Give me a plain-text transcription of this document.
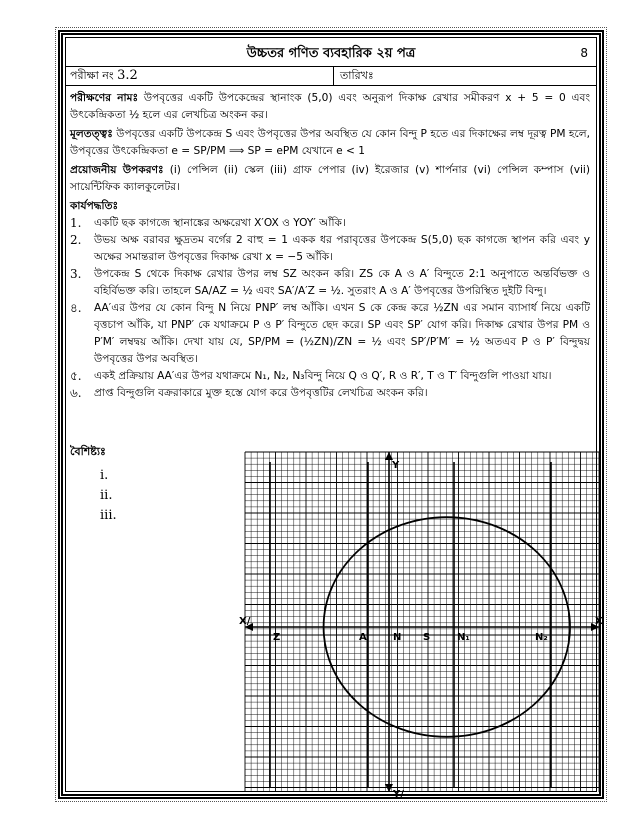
উচ্চতর গণিত ব্যবহারিক ২য় পত্র	8
পরীক্ষা নং 3.2	তারিখঃ
পরীক্ষণের নামঃ উপবৃত্তের একটি উপকেন্দ্রের স্থানাংক (5,0) এবং অনুরূপ দিকাক্ষ রেখার সমীকরণ x + 5 = 0 এবং উৎকেন্দ্রিকতা ½ হলে এর লেখচিত্র অংকন কর।
মূলতত্ত্বঃ উপবৃত্তের একটি উপকেন্দ্র S এবং উপবৃত্তের উপর অবস্থিত যে কোন বিন্দু P হতে এর দিকাক্ষের লম্ব দূরত্ব PM হলে, উপবৃত্তের উৎকেন্দ্রিকতা e = SP/PM ⟹ SP = ePM যেখানে e < 1
প্রয়োজনীয় উপকরণঃ (i) পেন্সিল (ii) স্কেল (iii) গ্রাফ পেপার (iv) ইরেজার (v) শার্পনার (vi) পেন্সিল কম্পাস (vii) সায়েন্টিফিক ক্যালকুলেটর।
কার্যপদ্ধতিঃ
1.	একটি ছক কাগজে স্থানাঙ্কের অক্ষরেখা X′OX ও YOY′ আঁকি।
2.	উভয় অক্ষ বরাবর ক্ষুদ্রতম বর্গের 2 বাহু = 1 একক ধর পরাবৃত্তের উপকেন্দ্র S(5,0) ছক কাগজে স্থাপন করি এবং y অক্ষের সমান্তরাল উপবৃত্তের দিকাক্ষ রেখা x = −5 আঁকি।
3.	উপকেন্দ্র S থেকে দিকাক্ষ রেখার উপর লম্ব SZ অংকন করি। ZS কে A ও A′ বিন্দুতে 2:1 অনুপাতে অন্তর্বিভক্ত ও বহির্বিভক্ত করি। তাহলে SA/AZ = ½ এবং SA′/A′Z = ½. সুতরাং A ও A′ উপবৃত্তের উপরিস্থিত দুইটি বিন্দু।
৪.	AA′এর উপর যে কোন বিন্দু N নিয়ে PNP′ লম্ব আঁকি। এখন S কে কেন্দ্র করে ½ZN এর সমান ব্যাসার্ধ নিয়ে একটি বৃত্তচাপ আঁকি, যা PNP′ কে যথাক্রমে P ও P′ বিন্দুতে ছেদ করে। SP এবং SP′ যোগ করি। দিকাক্ষ রেখার উপর PM ও P′M′ লম্বদ্বয় আঁকি। দেখা যায় যে, SP/PM = (½ZN)/ZN = ½ এবং SP′/P′M′ = ½ অতএব P ও P′ বিন্দুদ্বয় উপবৃত্তের উপর অবস্থিত।
৫.	একই প্রক্রিয়ায় AA′এর উপর যথাক্রমে N₁, N₂, N₃বিন্দু নিয়ে Q ও Q′, R ও R′, T ও T′ বিন্দুগুলি পাওয়া যায়।
৬.	প্রাপ্ত বিন্দুগুলি বক্ররাকারে মুক্ত হস্তে যোগ করে উপবৃত্তটির লেখচিত্র অংকন করি।
বৈশিষ্ট্যঃ
i.
ii.
iii.
Y
Y/
X
X/
Z	A	N S	N₁	N₂
